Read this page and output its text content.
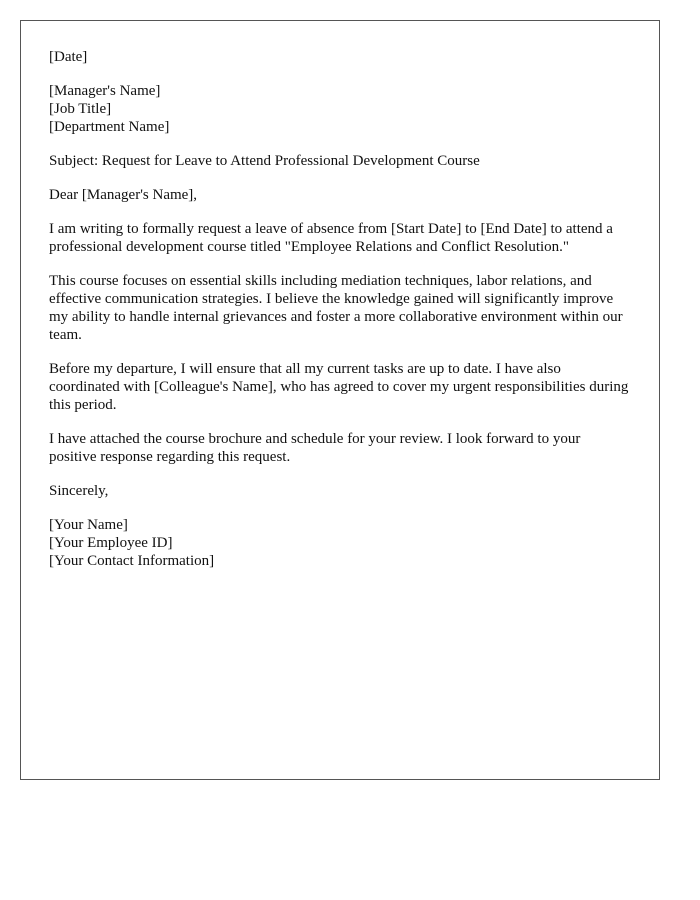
[Date]

[Manager's Name]
[Job Title]
[Department Name]

Subject: Request for Leave to Attend Professional Development Course

Dear [Manager's Name],

I am writing to formally request a leave of absence from [Start Date] to [End Date] to attend a professional development course titled "Employee Relations and Conflict Resolution."

This course focuses on essential skills including mediation techniques, labor relations, and effective communication strategies. I believe the knowledge gained will significantly improve my ability to handle internal grievances and foster a more collaborative environment within our team.

Before my departure, I will ensure that all my current tasks are up to date. I have also coordinated with [Colleague's Name], who has agreed to cover my urgent responsibilities during this period.

I have attached the course brochure and schedule for your review. I look forward to your positive response regarding this request.

Sincerely,

[Your Name]
[Your Employee ID]
[Your Contact Information]
